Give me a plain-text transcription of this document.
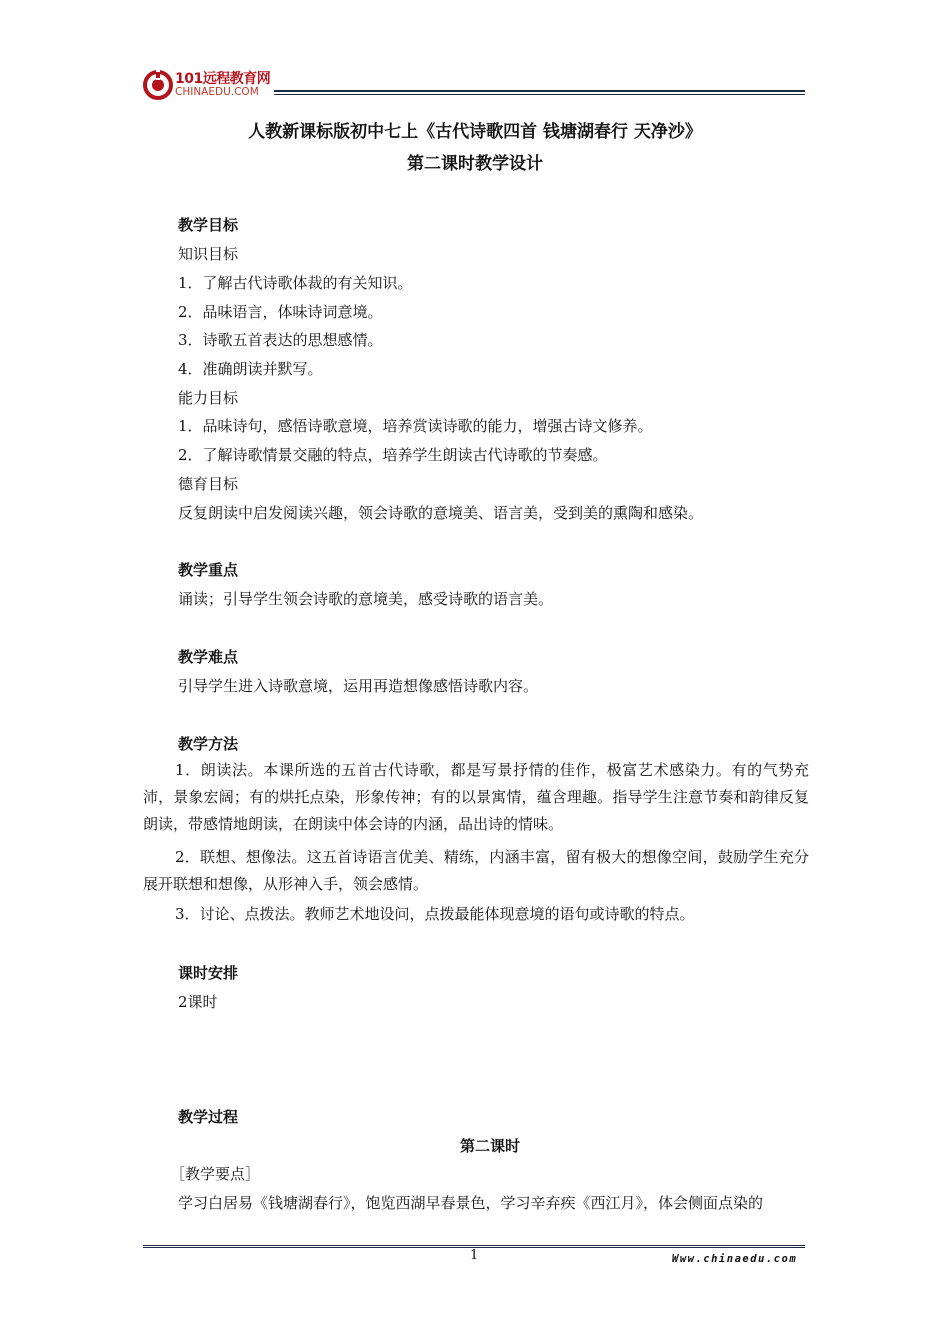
101远程教育网
CHINAEDU.COM
人教新课标版初中七上《古代诗歌四首 钱塘湖春行 天净沙》
第二课时教学设计
教学目标
知识目标
1．了解古代诗歌体裁的有关知识。
2．品味语言，体味诗词意境。
3．诗歌五首表达的思想感情。
4．准确朗读并默写。
能力目标
1．品味诗句，感悟诗歌意境，培养赏读诗歌的能力，增强古诗文修养。
2．了解诗歌情景交融的特点，培养学生朗读古代诗歌的节奏感。
德育目标
反复朗读中启发阅读兴趣，领会诗歌的意境美、语言美，受到美的熏陶和感染。
教学重点
诵读；引导学生领会诗歌的意境美，感受诗歌的语言美。
教学难点
引导学生进入诗歌意境，运用再造想像感悟诗歌内容。
教学方法
1．朗读法。本课所选的五首古代诗歌，都是写景抒情的佳作，极富艺术感染力。有的气势充沛，景象宏阔；有的烘托点染，形象传神；有的以景寓情，蕴含理趣。指导学生注意节奏和韵律反复朗读，带感情地朗读，在朗读中体会诗的内涵，品出诗的情味。
2．联想、想像法。这五首诗语言优美、精练，内涵丰富，留有极大的想像空间，鼓励学生充分展开联想和想像，从形神入手，领会感情。
3．讨论、点拨法。教师艺术地设问，点拨最能体现意境的语句或诗歌的特点。
课时安排
2课时
教学过程
第二课时
［教学要点］
学习白居易《钱塘湖春行》，饱览西湖早春景色，学习辛弃疾《西江月》，体会侧面点染的
1	Www.chinaedu.com
